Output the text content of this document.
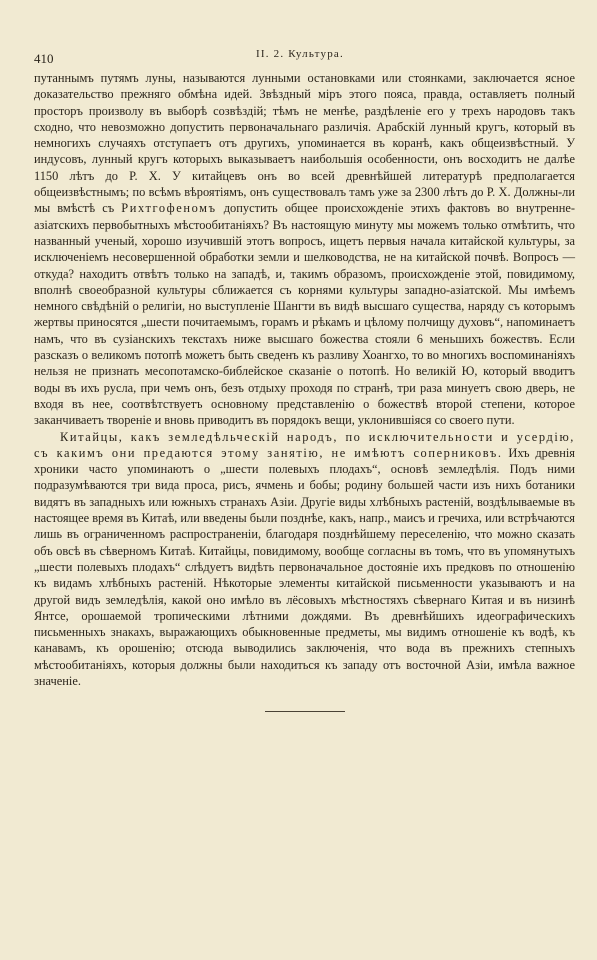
410	II. 2. Культура.

путаннымъ путямъ луны, называются лунными остановками или стоянками, заключается ясное доказательство прежняго обмѣна идей. Звѣздный міръ этого пояса, правда, оставляетъ полный просторъ произволу въ выборѣ созвѣздій; тѣмъ не менѣе, раздѣленіе его у трехъ народовъ такъ сходно, что невозможно допустить первоначальнаго различія. Арабскій лунный кругъ, который въ немногихъ случаяхъ отступаетъ отъ другихъ, упоминается въ коранѣ, какъ общеизвѣстный. У индусовъ, лунный кругъ которыхъ выказываетъ наибольшія особенности, онъ восходитъ не далѣе 1150 лѣтъ до Р. Х. У китайцевъ онъ во всей древнѣйшей литературѣ предполагается общеизвѣстнымъ; по всѣмъ вѣроятіямъ, онъ существовалъ тамъ уже за 2300 лѣтъ до Р. Х. Должны-ли мы вмѣстѣ съ Рихтгофеномъ допустить общее происхожденіе этихъ фактовъ во внутренне-азіатскихъ первобытныхъ мѣстообитаніяхъ? Въ настоящую минуту мы можемъ только отмѣтить, что названный ученый, хорошо изучившій этотъ вопросъ, ищетъ первыя начала китайской культуры, за исключеніемъ несовершенной обработки земли и шелководства, не на китайской почвѣ. Вопросъ — откуда? находитъ отвѣтъ только на западѣ, и, такимъ образомъ, происхожденіе этой, повидимому, вполнѣ своеобразной культуры сближается съ корнями культуры западно-азіатской. Мы имѣемъ немного свѣдѣній о религіи, но выступленіе Шангти въ видѣ высшаго существа, наряду съ которымъ жертвы приносятся „шести почитаемымъ, горамъ и рѣкамъ и цѣлому полчищу духовъ“, напоминаетъ намъ, что въ сузіанскихъ текстахъ ниже высшаго божества стояли 6 меньшихъ божествъ. Если разсказъ о великомъ потопѣ можетъ быть сведенъ къ разливу Хоангхо, то во многихъ воспоминаніяхъ нельзя не признать месопотамско-библейское сказаніе о потопѣ. Но великій Ю, который вводитъ воды въ ихъ русла, при чемъ онъ, безъ отдыху проходя по странѣ, три раза минуетъ свою дверь, не входя въ нее, соотвѣтствуетъ основному представленію о божествѣ второй степени, которое заканчиваетъ твореніе и вновь приводитъ въ порядокъ вещи, уклонившіяся со своего пути.

Китайцы, какъ земледѣльческій народъ, по исключительности и усердію, съ какимъ они предаются этому занятію, не имѣютъ соперниковъ. Ихъ древнія хроники часто упоминаютъ о „шести полевыхъ плодахъ“, основѣ земледѣлія. Подъ ними подразумѣваются три вида проса, рисъ, ячмень и бобы; родину большей части изъ нихъ ботаники видятъ въ западныхъ или южныхъ странахъ Азіи. Другіе виды хлѣбныхъ растеній, воздѣлываемые въ настоящее время въ Китаѣ, или введены были позднѣе, какъ, напр., маисъ и гречиха, или встрѣчаются лишь въ ограниченномъ распространеніи, благодаря позднѣйшему переселенію, что можно сказать объ овсѣ въ сѣверномъ Китаѣ. Китайцы, повидимому, вообще согласны въ томъ, что въ упомянутыхъ „шести полевыхъ плодахъ“ слѣдуетъ видѣть первоначальное достояніе ихъ предковъ по отношенію къ видамъ хлѣбныхъ растеній. Нѣкоторые элементы китайской письменности указываютъ и на другой видъ земледѣлія, какой оно имѣло въ лёсовыхъ мѣстностяхъ сѣвернаго Китая и въ низинѣ Янтсе, орошаемой тропическими лѣтними дождями. Въ древнѣйшихъ идеографическихъ письменныхъ знакахъ, выражающихъ обыкновенные предметы, мы видимъ отношеніе къ водѣ, къ канавамъ, къ орошенію; отсюда выводились заключенія, что вода въ прежнихъ степныхъ мѣстообитаніяхъ, которыя должны были находиться къ западу отъ восточной Азіи, имѣла важное значеніе.
